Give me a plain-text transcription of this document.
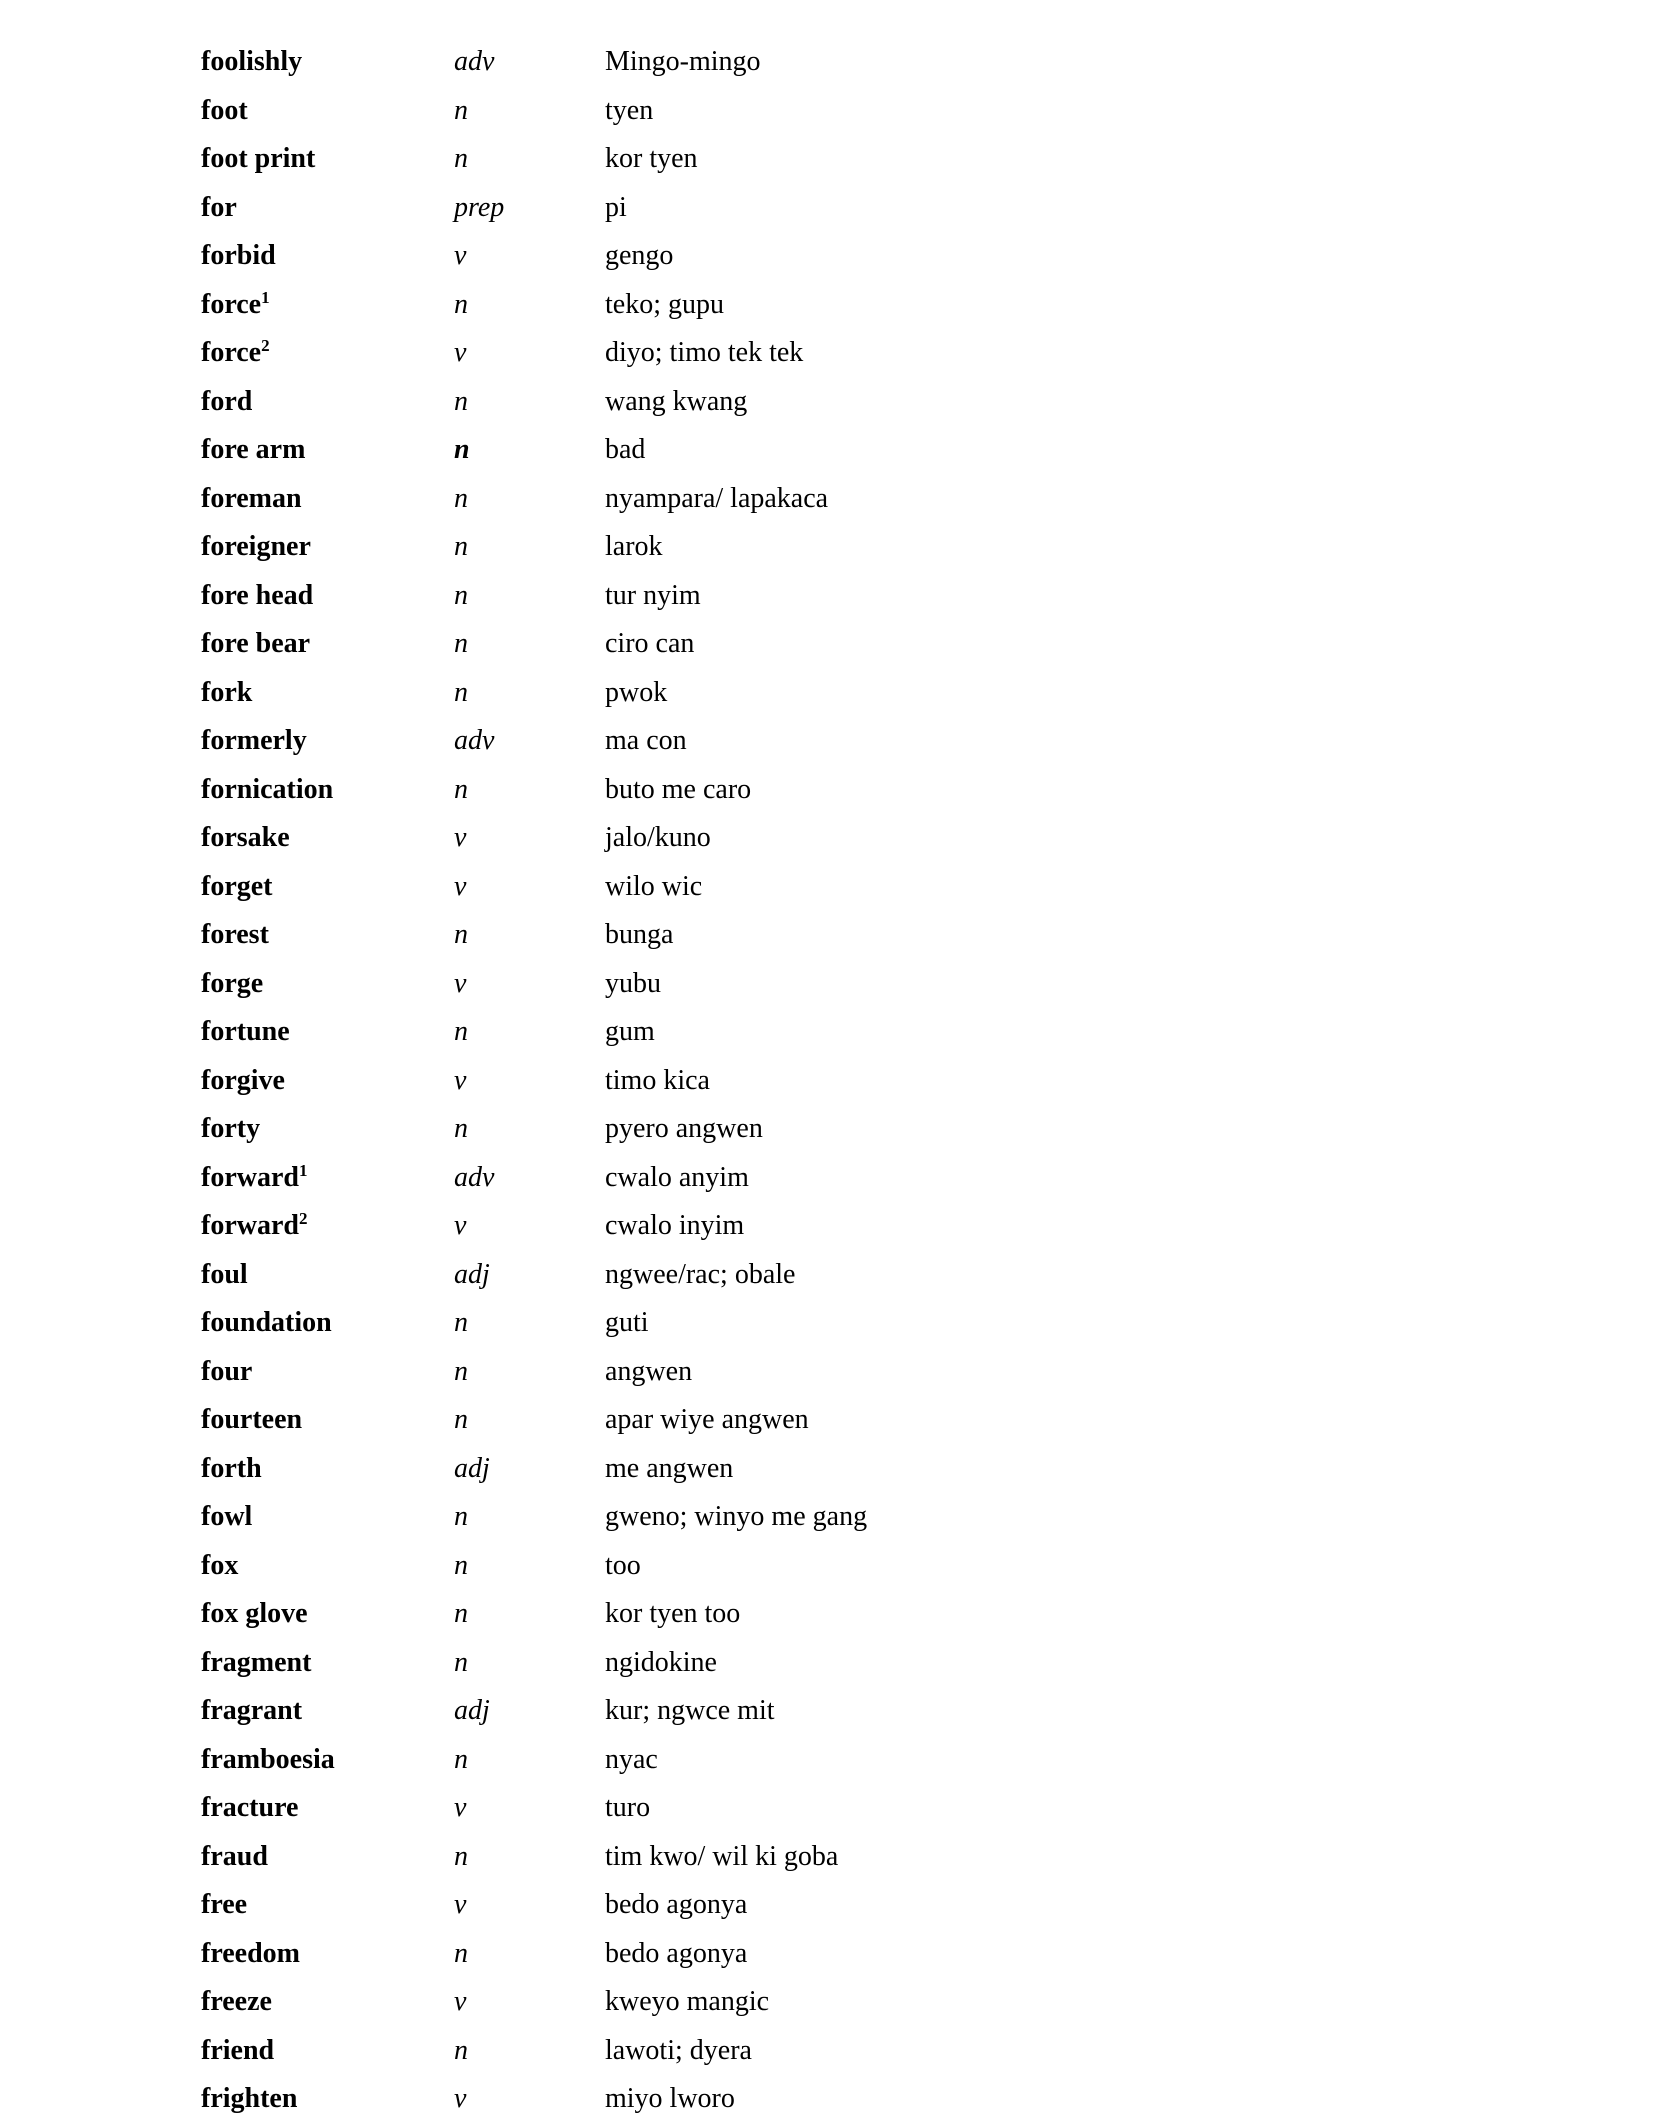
foolishly	adv	Mingo-mingo
foot	n	tyen
foot print	n	kor tyen
for	prep	pi
forbid	v	gengo
force$^1$	n	teko; gupu
force$^2$	v	diyo; timo tek tek
ford	n	wang kwang
fore arm	n	bad
foreman	n	nyampara/ lapakaca
foreigner	n	larok
fore head	n	tur nyim
fore bear	n	ciro can
fork	n	pwok
formerly	adv	ma con
fornication	n	buto me caro
forsake	v	jalo/kuno
forget	v	wilo wic
forest	n	bunga
forge	v	yubu
fortune	n	gum
forgive	v	timo kica
forty	n	pyero angwen
forward$^1$	adv	cwalo anyim
forward$^2$	v	cwalo inyim
foul	adj	ngwee/rac; obale
foundation	n	guti
four	n	angwen
fourteen	n	apar wiye angwen
forth	adj	me angwen
fowl	n	gweno; winyo me gang
fox	n	too
fox glove	n	kor tyen too
fragment	n	ngidokine
fragrant	adj	kur; ngwce mit
framboesia	n	nyac
fracture	v	turo
fraud	n	tim kwo/ wil ki goba
free	v	bedo agonya
freedom	n	bedo agonya
freeze	v	kweyo mangic
friend	n	lawoti; dyera
frighten	v	miyo lworo
